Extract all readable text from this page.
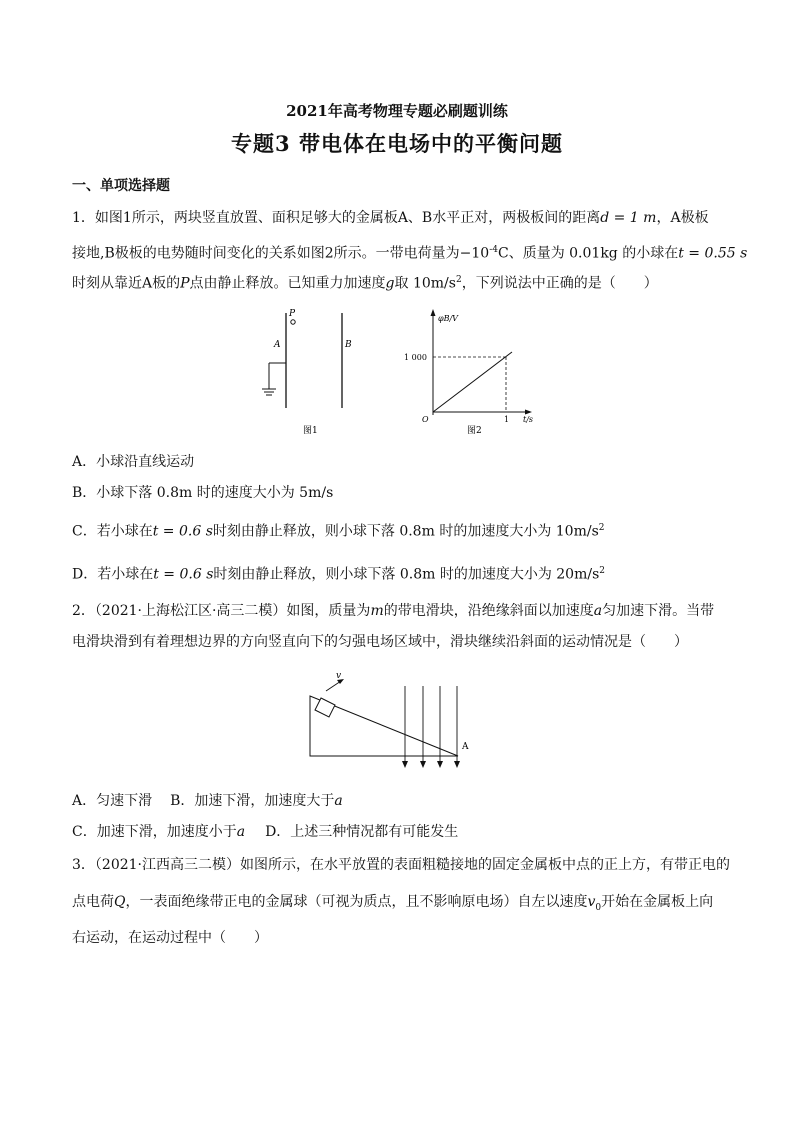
2021年高考物理专题必刷题训练
专题3 带电体在电场中的平衡问题
一、单项选择题
1．如图1所示，两块竖直放置、面积足够大的金属板A、B水平正对，两极板间的距离d = 1 m，A极板
接地,B极板的电势随时间变化的关系如图2所示。一带电荷量为$-10^{-4}C$、质量为 0.01kg 的小球在t = 0.55 s
时刻从靠近A板的P点由静止释放。已知重力加速度g取 $10m/s^2$，下列说法中正确的是（　　）
P
A	B
图1
φB/V
1 000
O	1 t/s
图2
A．小球沿直线运动
B．小球下落 0.8m 时的速度大小为 5m/s
C．若小球在t = 0.6 s时刻由静止释放，则小球下落 0.8m 时的加速度大小为 $10m/s^2$
D．若小球在t = 0.6 s时刻由静止释放，则小球下落 0.8m 时的加速度大小为 $20m/s^2$
2．（2021·上海松江区·高三二模）如图，质量为m的带电滑块，沿绝缘斜面以加速度a匀加速下滑。当带
电滑块滑到有着理想边界的方向竖直向下的匀强电场区域中，滑块继续沿斜面的运动情况是（　　）
v
A
A．匀速下滑 B．加速下滑，加速度大于a
C．加速下滑，加速度小于a D．上述三种情况都有可能发生
3．（2021·江西高三二模）如图所示，在水平放置的表面粗糙接地的固定金属板中点的正上方，有带正电的
点电荷Q，一表面绝缘带正电的金属球（可视为质点，且不影响原电场）自左以速度$v_0$开始在金属板上向
右运动，在运动过程中（　　）
